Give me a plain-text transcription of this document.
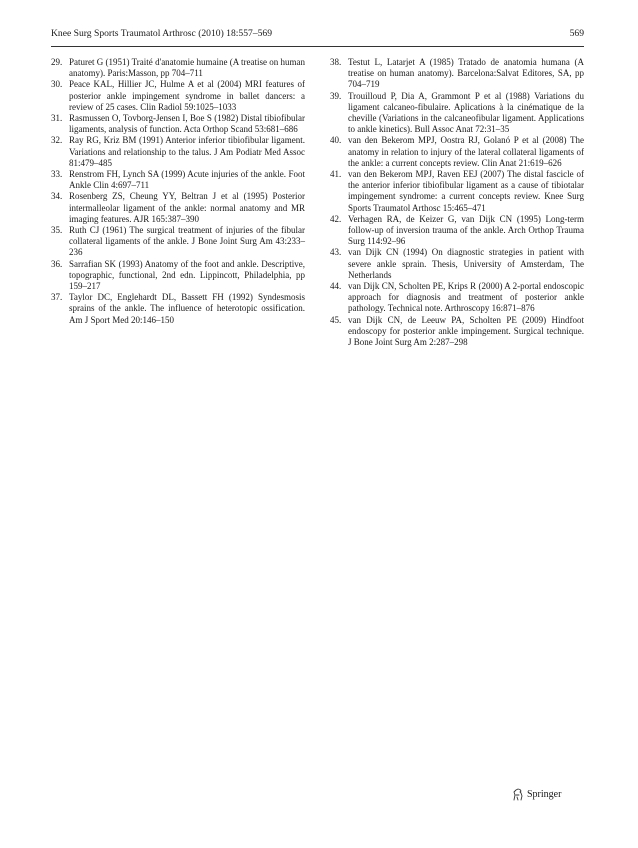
Knee Surg Sports Traumatol Arthrosc (2010) 18:557–569	569
29. Paturet G (1951) Traité d'anatomie humaine (A treatise on human anatomy). Paris:Masson, pp 704–711
30. Peace KAL, Hillier JC, Hulme A et al (2004) MRI features of posterior ankle impingement syndrome in ballet dancers: a review of 25 cases. Clin Radiol 59:1025–1033
31. Rasmussen O, Tovborg-Jensen I, Boe S (1982) Distal tibiofibular ligaments, analysis of function. Acta Orthop Scand 53:681–686
32. Ray RG, Kriz BM (1991) Anterior inferior tibiofibular ligament. Variations and relationship to the talus. J Am Podiatr Med Assoc 81:479–485
33. Renstrom FH, Lynch SA (1999) Acute injuries of the ankle. Foot Ankle Clin 4:697–711
34. Rosenberg ZS, Cheung YY, Beltran J et al (1995) Posterior intermalleolar ligament of the ankle: normal anatomy and MR imaging features. AJR 165:387–390
35. Ruth CJ (1961) The surgical treatment of injuries of the fibular collateral ligaments of the ankle. J Bone Joint Surg Am 43:233–236
36. Sarrafian SK (1993) Anatomy of the foot and ankle. Descriptive, topographic, functional, 2nd edn. Lippincott, Philadelphia, pp 159–217
37. Taylor DC, Englehardt DL, Bassett FH (1992) Syndesmosis sprains of the ankle. The influence of heterotopic ossification. Am J Sport Med 20:146–150
38. Testut L, Latarjet A (1985) Tratado de anatomia humana (A treatise on human anatomy). Barcelona:Salvat Editores, SA, pp 704–719
39. Trouilloud P, Dia A, Grammont P et al (1988) Variations du ligament calcaneo-fibulaire. Aplications à la cinématique de la cheville (Variations in the calcaneofibular ligament. Applications to ankle kinetics). Bull Assoc Anat 72:31–35
40. van den Bekerom MPJ, Oostra RJ, Golanó P et al (2008) The anatomy in relation to injury of the lateral collateral ligaments of the ankle: a current concepts review. Clin Anat 21:619–626
41. van den Bekerom MPJ, Raven EEJ (2007) The distal fascicle of the anterior inferior tibiofibular ligament as a cause of tibiotalar impingement syndrome: a current concepts review. Knee Surg Sports Traumatol Arthosc 15:465–471
42. Verhagen RA, de Keizer G, van Dijk CN (1995) Long-term follow-up of inversion trauma of the ankle. Arch Orthop Trauma Surg 114:92–96
43. van Dijk CN (1994) On diagnostic strategies in patient with severe ankle sprain. Thesis, University of Amsterdam, The Netherlands
44. van Dijk CN, Scholten PE, Krips R (2000) A 2-portal endoscopic approach for diagnosis and treatment of posterior ankle pathology. Technical note. Arthroscopy 16:871–876
45. van Dijk CN, de Leeuw PA, Scholten PE (2009) Hindfoot endoscopy for posterior ankle impingement. Surgical technique. J Bone Joint Surg Am 2:287–298
Springer
